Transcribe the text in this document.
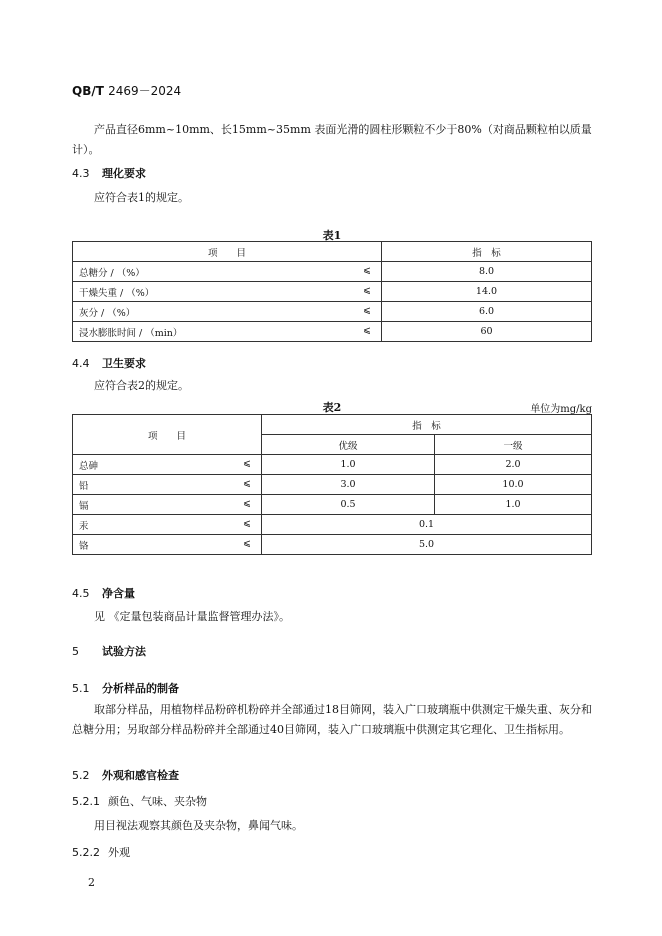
QB/T 2469－2024
产品直径6mm~10mm、长15mm~35mm 表面光滑的圆柱形颗粒不少于80%（对商品颗粒柏以质量计）。
4.3 理化要求
应符合表1的规定。
表1
项　　目	指　标
总糖分 / （%） ⩽	8.0
干燥失重 / （%） ⩽	14.0
灰分 / （%） ⩽	6.0
浸水膨胀时间 / （min） ⩽	60
4.4 卫生要求
应符合表2的规定。
表2	单位为mg/kg
项　　目	指　标	
	优级	一级
总砷 ⩽	1.0	2.0
铅 ⩽	3.0	10.0
镉 ⩽	0.5	1.0
汞 ⩽	0.1	
铬 ⩽	5.0	
4.5 净含量
见 《定量包装商品计量监督管理办法》。
5 试验方法
5.1 分析样品的制备
取部分样品，用植物样品粉碎机粉碎并全部通过18目筛网，装入广口玻璃瓶中供测定干燥失重、灰分和总糖分用；另取部分样品粉碎并全部通过40目筛网，装入广口玻璃瓶中供测定其它理化、卫生指标用。
5.2 外观和感官检查
5.2.1 颜色、气味、夹杂物
用目视法观察其颜色及夹杂物，鼻闻气味。
5.2.2 外观
2
